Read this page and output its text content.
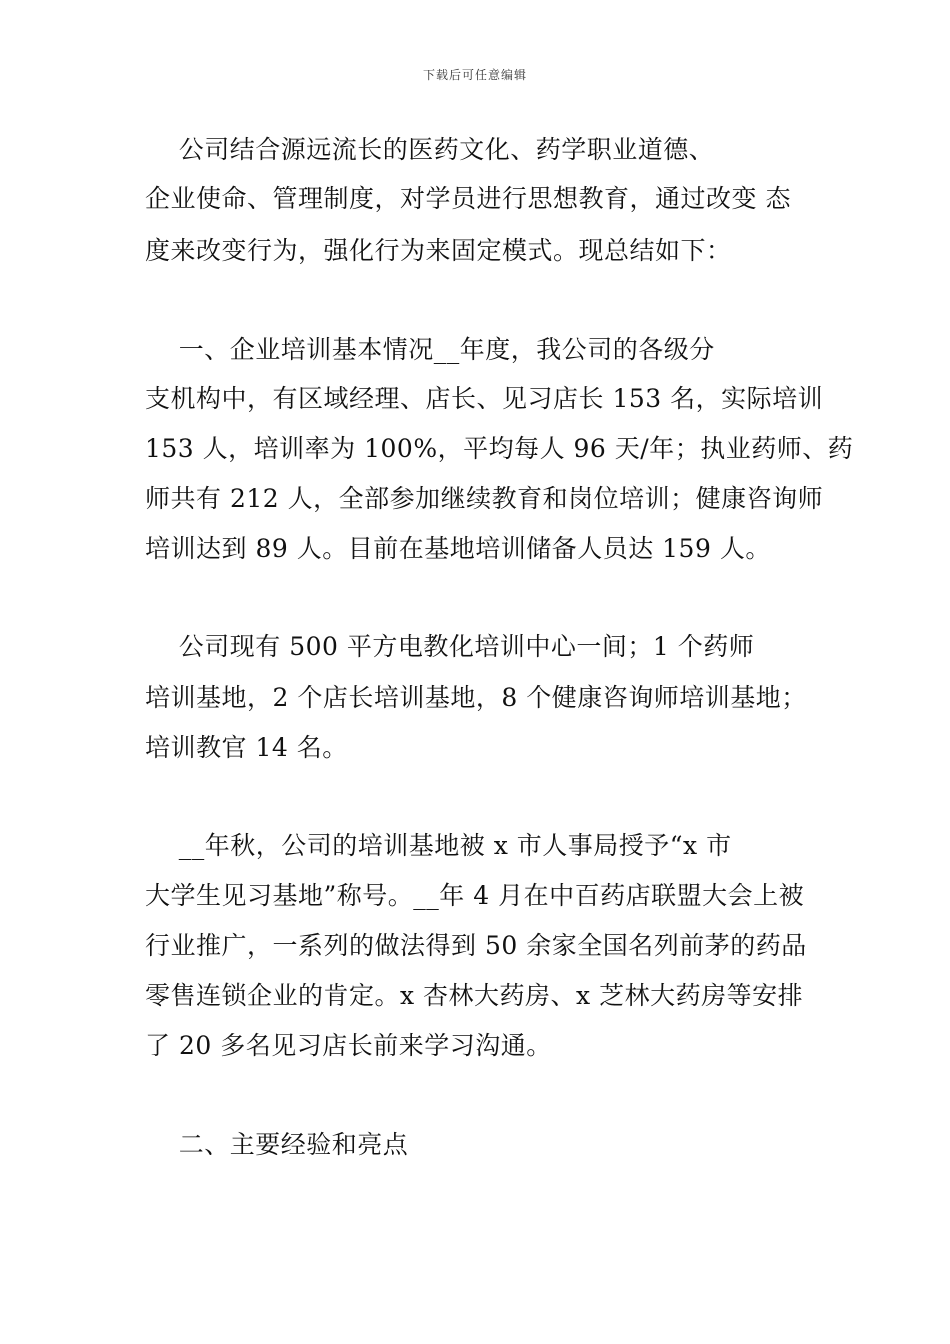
下载后可任意编辑
公司结合源远流长的医药文化、药学职业道德、
企业使命、管理制度，对学员进行思想教育，通过改变 态
度来改变行为，强化行为来固定模式。现总结如下：
一、企业培训基本情况__年度，我公司的各级分
支机构中，有区域经理、店长、见习店长 153 名，实际培训
153 人，培训率为 100%，平均每人 96 天/年；执业药师、药
师共有 212 人，全部参加继续教育和岗位培训；健康咨询师
培训达到 89 人。目前在基地培训储备人员达 159 人。
公司现有 500 平方电教化培训中心一间；1 个药师
培训基地，2 个店长培训基地，8 个健康咨询师培训基地；
培训教官 14 名。
__年秋，公司的培训基地被 x 市人事局授予“x 市
大学生见习基地”称号。__年 4 月在中百药店联盟大会上被
行业推广，一系列的做法得到 50 余家全国名列前茅的药品
零售连锁企业的肯定。x 杏林大药房、x 芝林大药房等安排
了 20 多名见习店长前来学习沟通。
二、主要经验和亮点
